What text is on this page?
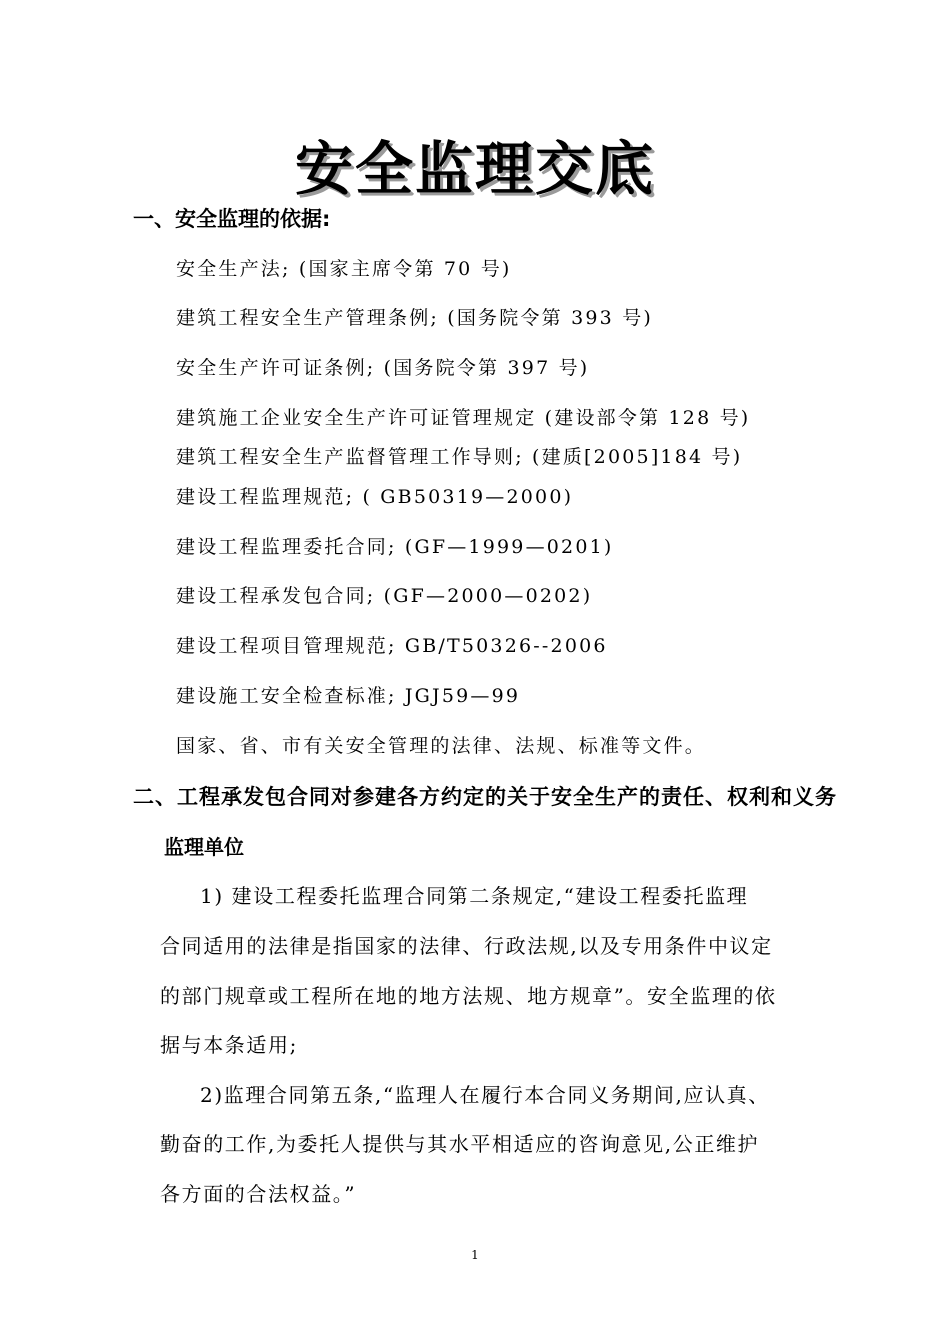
安全监理交底
一、安全监理的依据:
安全生产法; (国家主席令第 70 号)
建筑工程安全生产管理条例; (国务院令第 393 号)
安全生产许可证条例; (国务院令第 397 号)
建筑施工企业安全生产许可证管理规定 (建设部令第 128 号)
建筑工程安全生产监督管理工作导则; (建质[2005]184 号)
建设工程监理规范; ( GB50319—2000)
建设工程监理委托合同; (GF—1999—0201)
建设工程承发包合同; (GF—2000—0202)
建设工程项目管理规范; GB/T50326--2006
建设施工安全检查标准; JGJ59—99
国家、省、市有关安全管理的法律、法规、标准等文件。
二、工程承发包合同对参建各方约定的关于安全生产的责任、权利和义务
监理单位
1) 建设工程委托监理合同第二条规定,“建设工程委托监理
合同适用的法律是指国家的法律、行政法规,以及专用条件中议定
的部门规章或工程所在地的地方法规、地方规章”。安全监理的依
据与本条适用;
2)监理合同第五条,“监理人在履行本合同义务期间,应认真、
勤奋的工作,为委托人提供与其水平相适应的咨询意见,公正维护
各方面的合法权益。”
1
